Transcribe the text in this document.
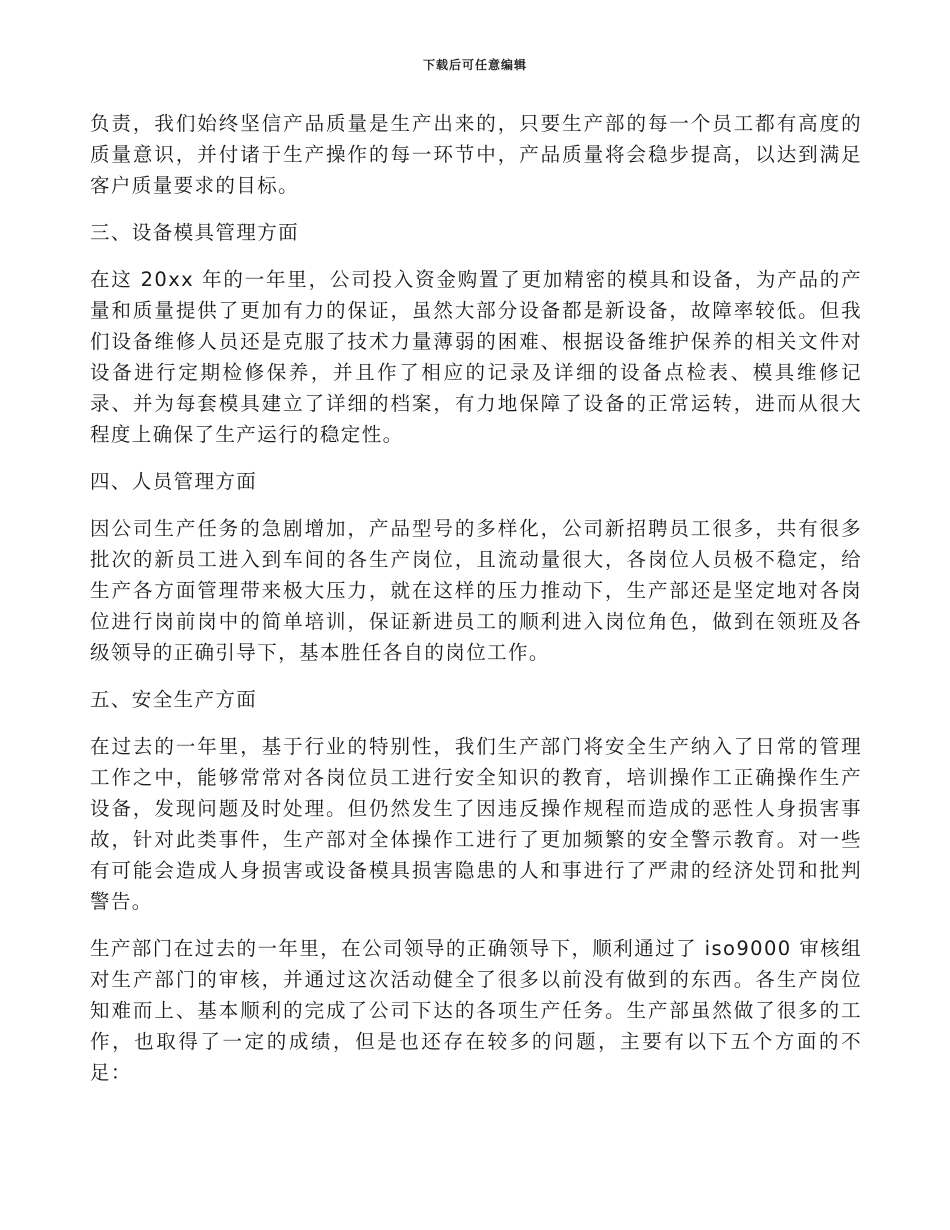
下载后可任意编辑

负责，我们始终坚信产品质量是生产出来的，只要生产部的每一个员工都有高度的质量意识，并付诸于生产操作的每一环节中，产品质量将会稳步提高，以达到满足客户质量要求的目标。

三、设备模具管理方面

在这 20xx 年的一年里，公司投入资金购置了更加精密的模具和设备，为产品的产量和质量提供了更加有力的保证，虽然大部分设备都是新设备，故障率较低。但我们设备维修人员还是克服了技术力量薄弱的困难、根据设备维护保养的相关文件对设备进行定期检修保养，并且作了相应的记录及详细的设备点检表、模具维修记录、并为每套模具建立了详细的档案，有力地保障了设备的正常运转，进而从很大程度上确保了生产运行的稳定性。

四、人员管理方面

因公司生产任务的急剧增加，产品型号的多样化，公司新招聘员工很多，共有很多批次的新员工进入到车间的各生产岗位，且流动量很大，各岗位人员极不稳定，给生产各方面管理带来极大压力，就在这样的压力推动下，生产部还是坚定地对各岗位进行岗前岗中的简单培训，保证新进员工的顺利进入岗位角色，做到在领班及各级领导的正确引导下，基本胜任各自的岗位工作。

五、安全生产方面

在过去的一年里，基于行业的特别性，我们生产部门将安全生产纳入了日常的管理工作之中，能够常常对各岗位员工进行安全知识的教育，培训操作工正确操作生产设备，发现问题及时处理。但仍然发生了因违反操作规程而造成的恶性人身损害事故，针对此类事件，生产部对全体操作工进行了更加频繁的安全警示教育。对一些有可能会造成人身损害或设备模具损害隐患的人和事进行了严肃的经济处罚和批判警告。

生产部门在过去的一年里，在公司领导的正确领导下，顺利通过了 iso9000 审核组对生产部门的审核，并通过这次活动健全了很多以前没有做到的东西。各生产岗位知难而上、基本顺利的完成了公司下达的各项生产任务。生产部虽然做了很多的工作，也取得了一定的成绩，但是也还存在较多的问题，主要有以下五个方面的不足：
